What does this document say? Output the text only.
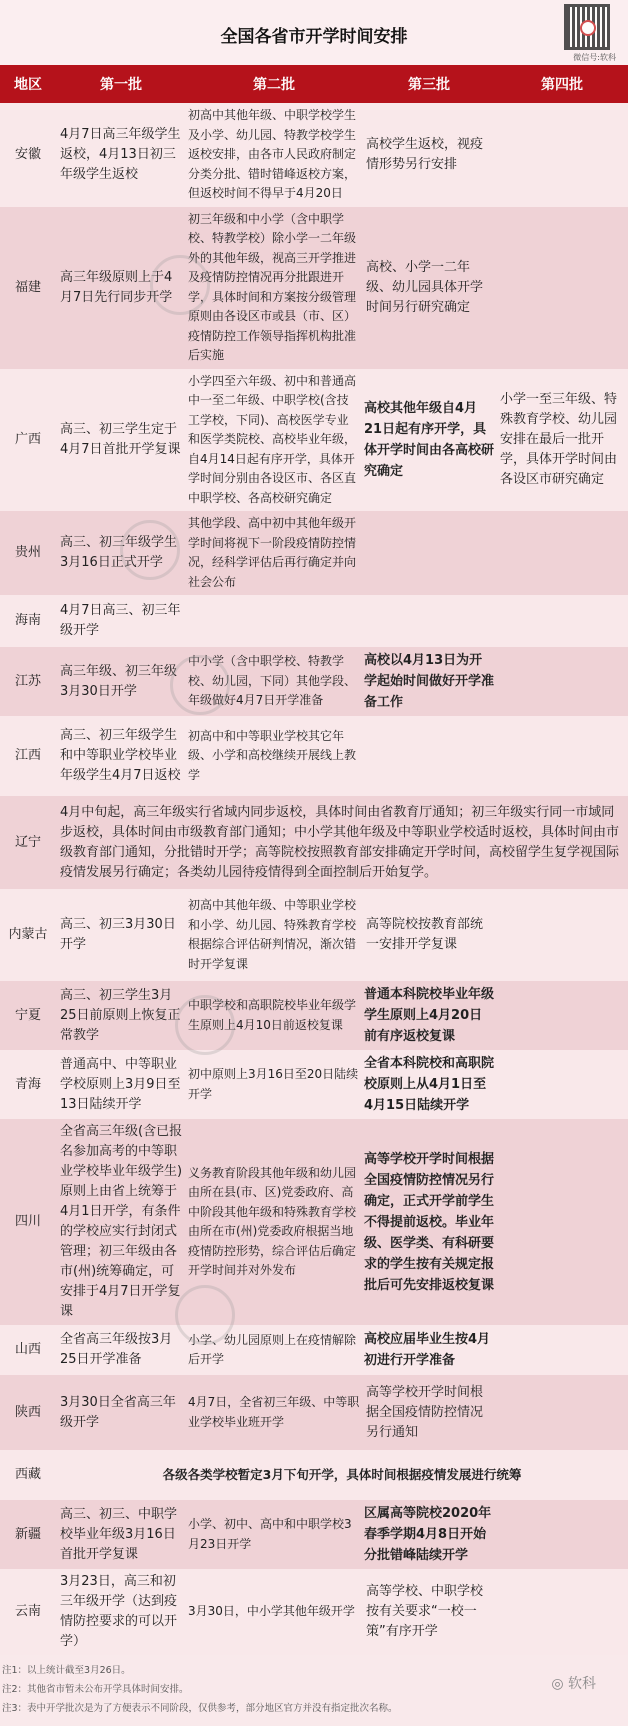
全国各省市开学时间安排
微信号:软科
地区	第一批	第二批	第三批	第四批
安徽	4月7日高三年级学生返校，4月13日初三年级学生返校	初高中其他年级、中职学校学生及小学、幼儿园、特教学校学生返校安排，由各市人民政府制定分类分批、错时错峰返校方案，但返校时间不得早于4月20日	高校学生返校，视疫情形势另行安排	
福建	高三年级原则上于4月7日先行同步开学	初三年级和中小学（含中职学校、特教学校）除小学一二年级外的其他年级，视高三开学推进及疫情防控情况再分批跟进开学，具体时间和方案按分级管理原则由各设区市或县（市、区）疫情防控工作领导指挥机构批准后实施	高校、小学一二年级、幼儿园具体开学时间另行研究确定	
广西	高三、初三学生定于4月7日首批开学复课	小学四至六年级、初中和普通高中一至二年级、中职学校(含技工学校，下同)、高校医学专业和医学类院校、高校毕业年级，自4月14日起有序开学，具体开学时间分别由各设区市、各区直中职学校、各高校研究确定	高校其他年级自4月21日起有序开学，具体开学时间由各高校研究确定	小学一至三年级、特殊教育学校、幼儿园安排在最后一批开学，具体开学时间由各设区市研究确定
贵州	高三、初三年级学生3月16日正式开学	其他学段、高中初中其他年级开学时间将视下一阶段疫情防控情况，经科学评估后再行确定并向社会公布		
海南	4月7日高三、初三年级开学			
江苏	高三年级、初三年级3月30日开学	中小学（含中职学校、特教学校、幼儿园，下同）其他学段、年级做好4月7日开学准备	高校以4月13日为开学起始时间做好开学准备工作	
江西	高三、初三年级学生和中等职业学校毕业年级学生4月7日返校	初高中和中等职业学校其它年级、小学和高校继续开展线上教学		
辽宁	4月中旬起，高三年级实行省域内同步返校，具体时间由省教育厅通知；初三年级实行同一市域同步返校，具体时间由市级教育部门通知；中小学其他年级及中等职业学校适时返校，具体时间由市级教育部门通知，分批错时开学；高等院校按照教育部安排确定开学时间，高校留学生复学视国际疫情发展另行确定；各类幼儿园待疫情得到全面控制后开始复学。			
内蒙古	高三、初三3月30日开学	初高中其他年级、中等职业学校和小学、幼儿园、特殊教育学校根据综合评估研判情况，渐次错时开学复课	高等院校按教育部统一安排开学复课	
宁夏	高三、初三学生3月25日前原则上恢复正常教学	中职学校和高职院校毕业年级学生原则上4月10日前返校复课	普通本科院校毕业年级学生原则上4月20日前有序返校复课	
青海	普通高中、中等职业学校原则上3月9日至13日陆续开学	初中原则上3月16日至20日陆续开学	全省本科院校和高职院校原则上从4月1日至4月15日陆续开学	
四川	全省高三年级(含已报名参加高考的中等职业学校毕业年级学生)原则上由省上统筹于4月1日开学，有条件的学校应实行封闭式管理；初三年级由各市(州)统筹确定，可安排于4月7日开学复课	义务教育阶段其他年级和幼儿园由所在县(市、区)党委政府、高中阶段其他年级和特殊教育学校由所在市(州)党委政府根据当地疫情防控形势，综合评估后确定开学时间并对外发布	高等学校开学时间根据全国疫情防控情况另行确定，正式开学前学生不得提前返校。毕业年级、医学类、有科研要求的学生按有关规定报批后可先安排返校复课	
山西	全省高三年级按3月25日开学准备	小学、幼儿园原则上在疫情解除后开学	高校应届毕业生按4月初进行开学准备	
陕西	3月30日全省高三年级开学	4月7日，全省初三年级、中等职业学校毕业班开学	高等学校开学时间根据全国疫情防控情况另行通知	
西藏	各级各类学校暂定3月下旬开学，具体时间根据疫情发展进行统筹			
新疆	高三、初三、中职学校毕业年级3月16日首批开学复课	小学、初中、高中和中职学校3月23日开学	区属高等院校2020年春季学期4月8日开始分批错峰陆续开学	
云南	3月23日，高三和初三年级开学（达到疫情防控要求的可以开学）	3月30日，中小学其他年级开学	高等学校、中职学校按有关要求“一校一策”有序开学	
◎ 软科
注1：以上统计截至3月26日。
注2：其他省市暂未公布开学具体时间安排。
注3：表中开学批次是为了方便表示不同阶段，仅供参考，部分地区官方并没有指定批次名称。
